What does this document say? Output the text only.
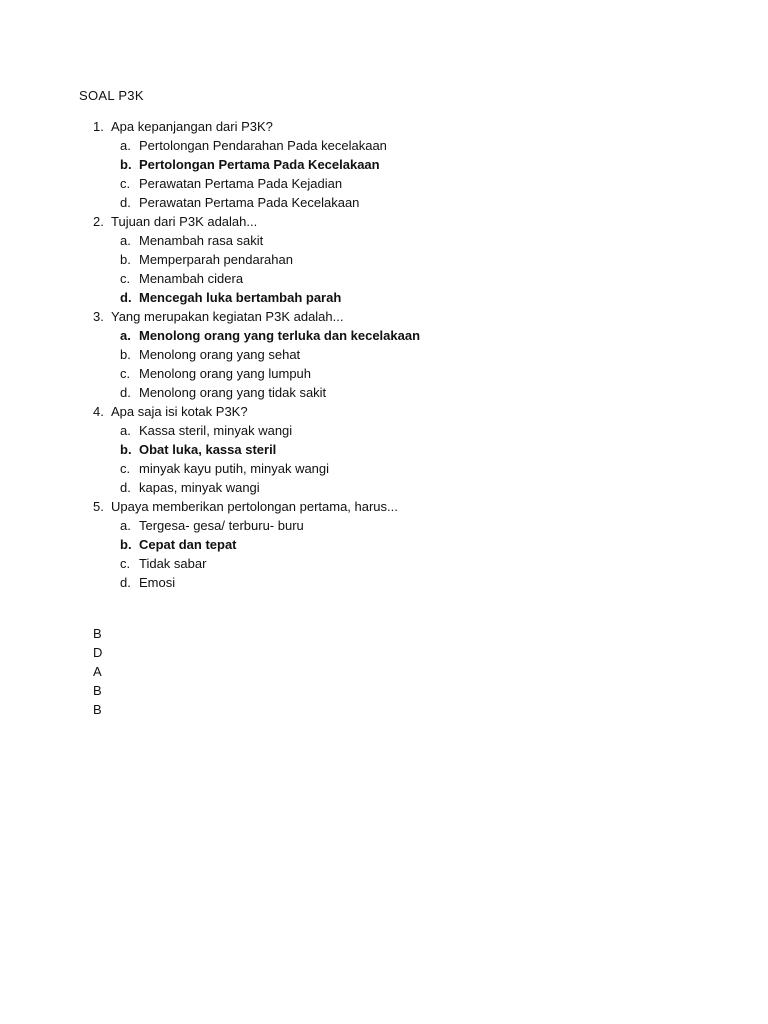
SOAL P3K
1. Apa kepanjangan dari P3K?
a. Pertolongan Pendarahan Pada kecelakaan
b. Pertolongan Pertama Pada Kecelakaan
c. Perawatan Pertama Pada Kejadian
d. Perawatan Pertama Pada Kecelakaan
2. Tujuan dari P3K adalah...
a. Menambah rasa sakit
b. Memperparah pendarahan
c. Menambah cidera
d. Mencegah luka bertambah parah
3. Yang merupakan kegiatan P3K adalah...
a. Menolong orang yang terluka dan kecelakaan
b. Menolong orang yang sehat
c. Menolong orang yang lumpuh
d. Menolong orang yang tidak sakit
4. Apa saja isi kotak P3K?
a. Kassa steril, minyak wangi
b. Obat luka, kassa steril
c. minyak kayu putih, minyak wangi
d. kapas, minyak wangi
5. Upaya memberikan pertolongan pertama, harus...
a. Tergesa- gesa/ terburu- buru
b. Cepat dan tepat
c. Tidak sabar
d. Emosi
B
D
A
B
B
